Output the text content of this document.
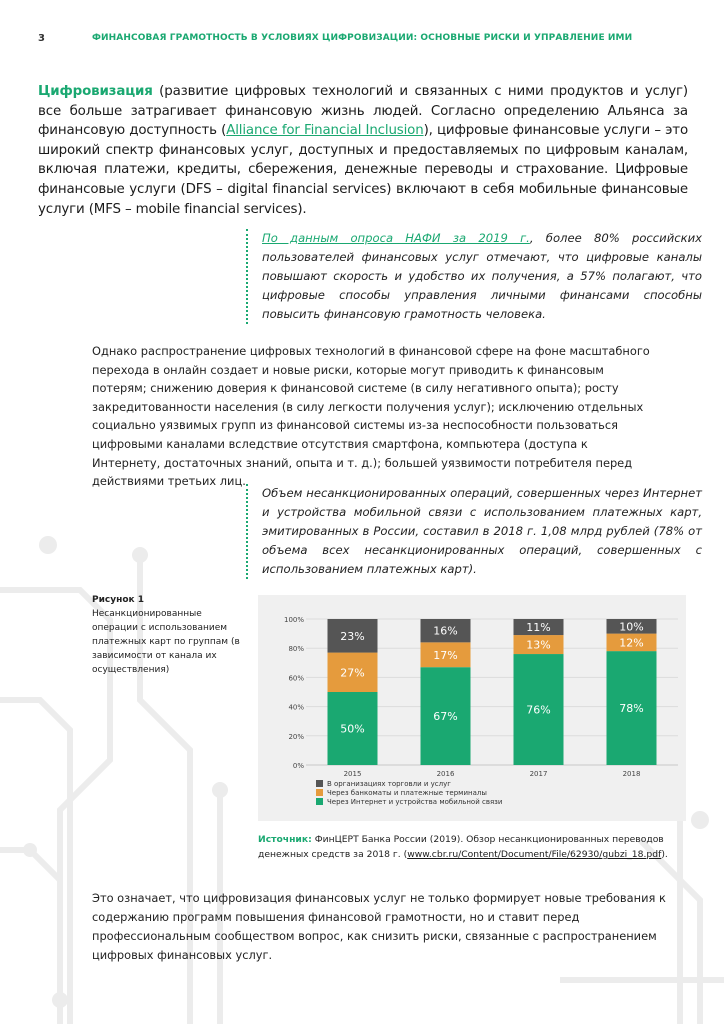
3	ФИНАНСОВАЯ ГРАМОТНОСТЬ В УСЛОВИЯХ ЦИФРОВИЗАЦИИ: ОСНОВНЫЕ РИСКИ И УПРАВЛЕНИЕ ИМИ
Цифровизация (развитие цифровых технологий и связанных с ними продуктов и услуг) все больше затрагивает финансовую жизнь людей. Согласно определению Альянса за финансовую доступность (Alliance for Financial Inclusion), цифровые финансовые услуги – это широкий спектр финансовых услуг, доступных и предоставляемых по цифровым каналам, включая платежи, кредиты, сбережения, денежные переводы и страхование. Цифровые финансовые услуги (DFS – digital financial services) включают в себя мобильные финансовые услуги (MFS – mobile financial services).
По данным опроса НАФИ за 2019 г., более 80% российских пользователей финансовых услуг отмечают, что цифровые каналы повышают скорость и удобство их получения, а 57% полагают, что цифровые способы управления личными финансами способны повысить финансовую грамотность человека.
Однако распространение цифровых технологий в финансовой сфере на фоне масштабного перехода в онлайн создает и новые риски, которые могут приводить к финансовым потерям; снижению доверия к финансовой системе (в силу негативного опыта); росту закредитованности населения (в силу легкости получения услуг); исключению отдельных социально уязвимых групп из финансовой системы из-за неспособности пользоваться цифровыми каналами вследствие отсутствия смартфона, компьютера (доступа к Интернету, достаточных знаний, опыта и т. д.); большей уязвимости потребителя перед действиями третьих лиц.
Объем несанкционированных операций, совершенных через Интернет и устройства мобильной связи с использованием платежных карт, эмитированных в России, составил в 2018 г. 1,08 млрд рублей (78% от объема всех несанкционированных операций, совершенных с использованием платежных карт).
Рисунок 1
Несанкционированные операции с использованием платежных карт по группам (в зависимости от канала их осуществления)
0%
20%
40%
60%
80%
100%
50%
27%
23%
2015
67%
17%
16%
2016
76%
13%
11%
2017
78%
12%
10%
2018
В организациях торговли и услуг
Через банкоматы и платежные терминалы
Через Интернет и устройства мобильной связи
Источник: ФинЦЕРТ Банка России (2019). Обзор несанкционированных переводов денежных средств за 2018 г. (www.cbr.ru/Content/Document/File/62930/gubzi_18.pdf).
Это означает, что цифровизация финансовых услуг не только формирует новые требования к содержанию программ повышения финансовой грамотности, но и ставит перед профессиональным сообществом вопрос, как снизить риски, связанные с распространением цифровых финансовых услуг.
